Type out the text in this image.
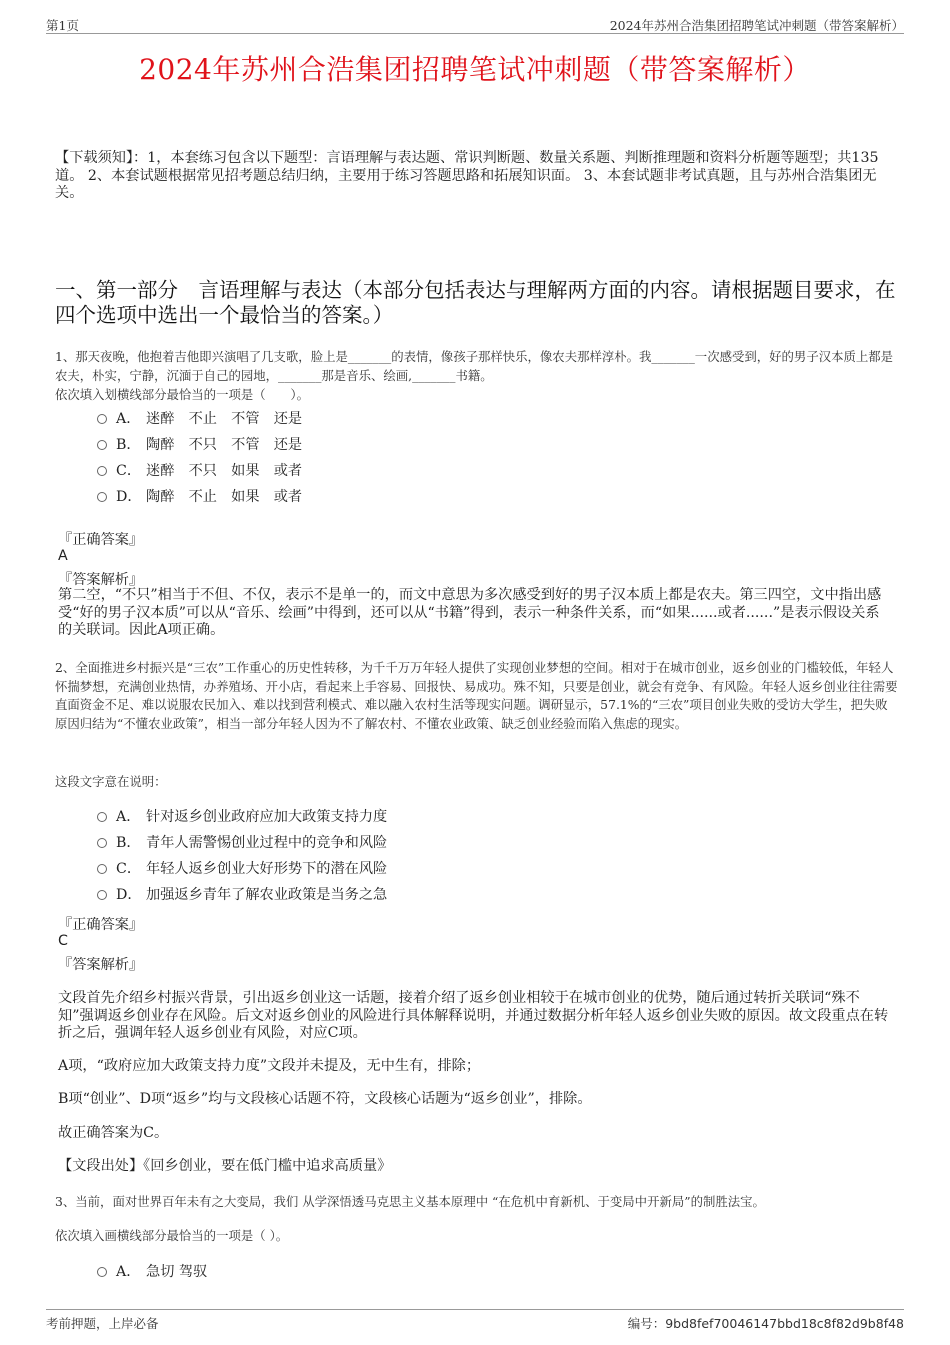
第1页	2024年苏州合浩集团招聘笔试冲刺题（带答案解析）
2024年苏州合浩集团招聘笔试冲刺题（带答案解析）
【下载须知】：1，本套练习包含以下题型：言语理解与表达题、常识判断题、数量关系题、判断推理题和资料分析题等题型；共135道。 2、本套试题根据常见招考题总结归纳，主要用于练习答题思路和拓展知识面。 3、本套试题非考试真题，且与苏州合浩集团无关。
一、第一部分　言语理解与表达（本部分包括表达与理解两方面的内容。请根据题目要求，在四个选项中选出一个最恰当的答案。）
1、那天夜晚，他抱着吉他即兴演唱了几支歌，脸上是_______的表情，像孩子那样快乐，像农夫那样淳朴。我_______一次感受到，好的男子汉本质上都是农夫，朴实，宁静，沉湎于自己的园地，_______那是音乐、绘画,_______书籍。
依次填入划横线部分最恰当的一项是（　　）。
A． 迷醉　不止　不管　还是
B． 陶醉　不只　不管　还是
C． 迷醉　不只　如果　或者
D． 陶醉　不止　如果　或者
『正确答案』
A
『答案解析』
第二空，“不只”相当于不但、不仅，表示不是单一的，而文中意思为多次感受到好的男子汉本质上都是农夫。第三四空，文中指出感受“好的男子汉本质”可以从“音乐、绘画”中得到，还可以从“书籍”得到，表示一种条件关系，而“如果......或者......”是表示假设关系的关联词。因此A项正确。
2、全面推进乡村振兴是“三农”工作重心的历史性转移，为千千万万年轻人提供了实现创业梦想的空间。相对于在城市创业，返乡创业的门槛较低，年轻人怀揣梦想，充满创业热情，办养殖场、开小店，看起来上手容易、回报快、易成功。殊不知，只要是创业，就会有竞争、有风险。年轻人返乡创业往往需要直面资金不足、难以说服农民加入、难以找到营利模式、难以融入农村生活等现实问题。调研显示，57.1%的“三农”项目创业失败的受访大学生，把失败原因归结为“不懂农业政策”，相当一部分年轻人因为不了解农村、不懂农业政策、缺乏创业经验而陷入焦虑的现实。
这段文字意在说明：
A． 针对返乡创业政府应加大政策支持力度
B． 青年人需警惕创业过程中的竞争和风险
C． 年轻人返乡创业大好形势下的潜在风险
D． 加强返乡青年了解农业政策是当务之急
『正确答案』
C
『答案解析』
文段首先介绍乡村振兴背景，引出返乡创业这一话题，接着介绍了返乡创业相较于在城市创业的优势，随后通过转折关联词“殊不知”强调返乡创业存在风险。后文对返乡创业的风险进行具体解释说明，并通过数据分析年轻人返乡创业失败的原因。故文段重点在转折之后，强调年轻人返乡创业有风险，对应C项。
A项，“政府应加大政策支持力度”文段并未提及，无中生有，排除；
B项“创业”、D项“返乡”均与文段核心话题不符，文段核心话题为“返乡创业”，排除。
故正确答案为C。
【文段出处】《回乡创业，要在低门槛中追求高质量》
3、当前，面对世界百年未有之大变局，我们 从学深悟透马克思主义基本原理中 “在危机中育新机、于变局中开新局”的制胜法宝。
依次填入画横线部分最恰当的一项是（ ）。
A． 急切 驾驭
考前押题，上岸必备	编号：9bd8fef70046147bbd18c8f82d9b8f48
